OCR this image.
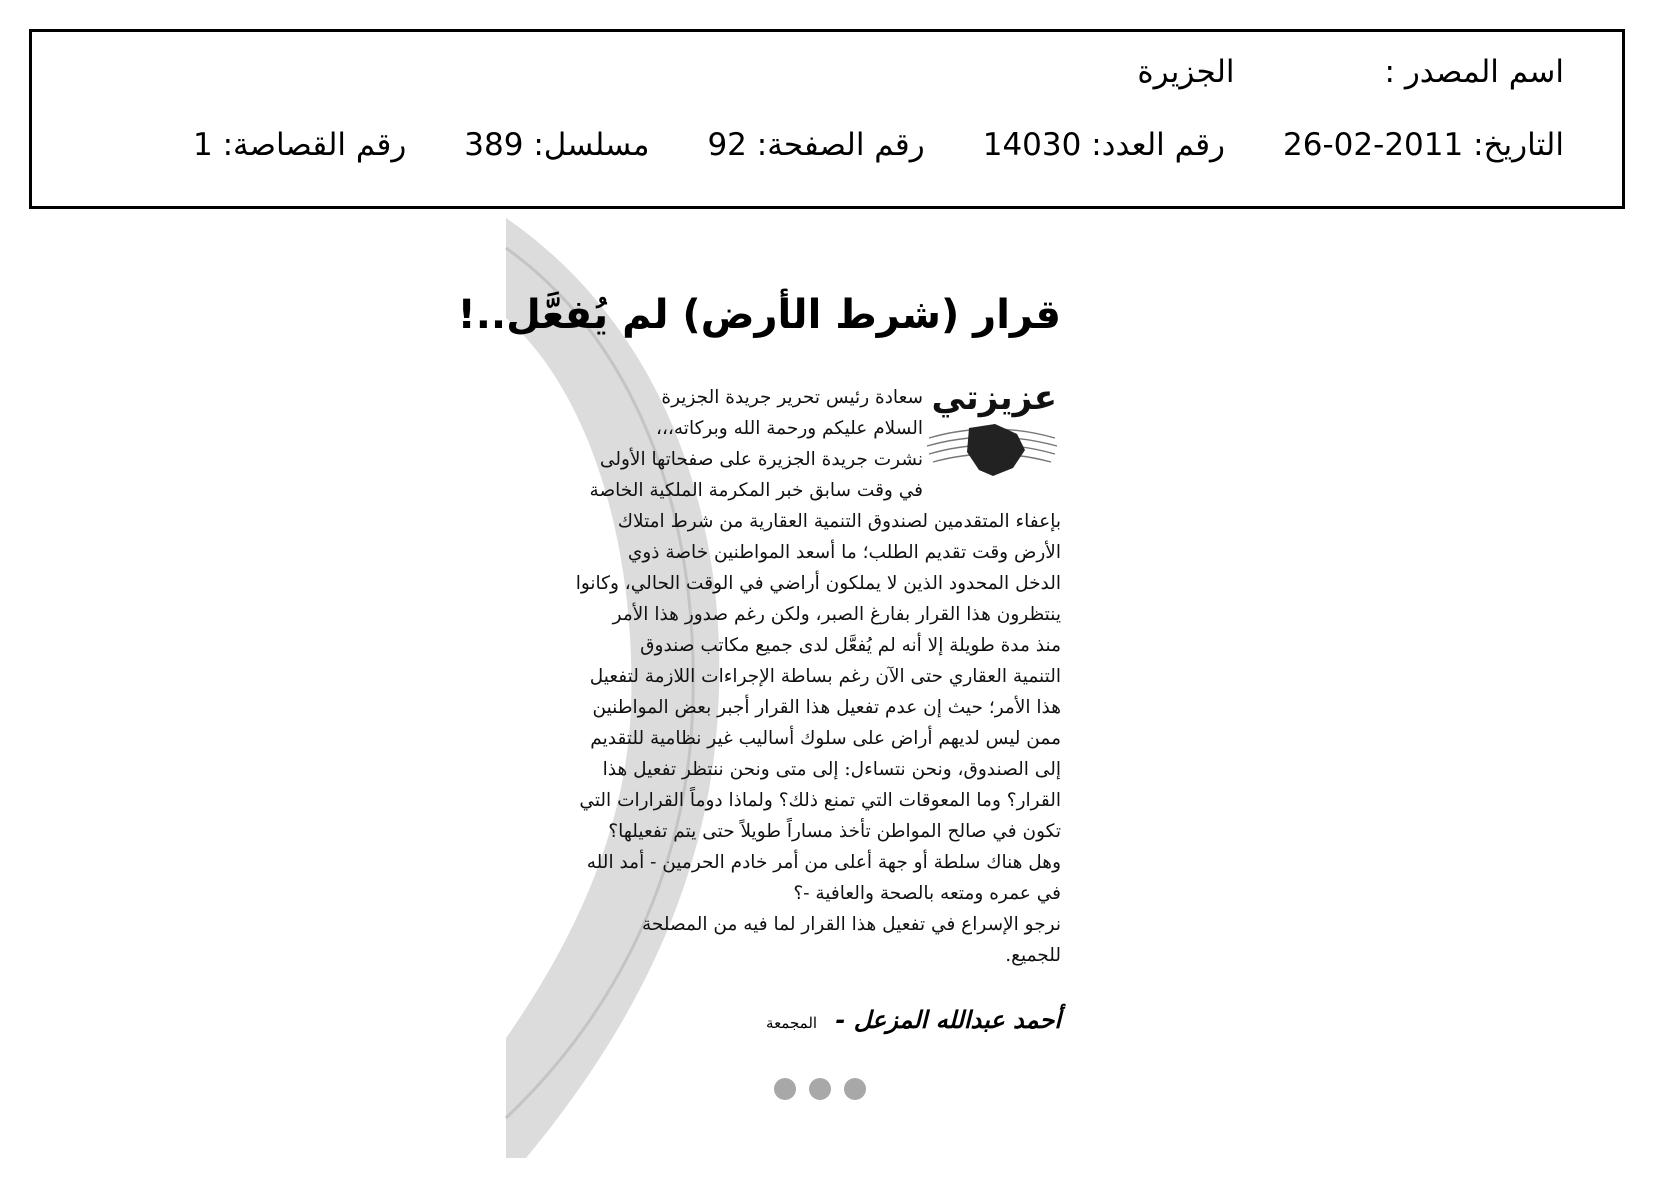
اسم المصدر :الجزيرة
التاريخ: 2011-02-26رقم العدد: 14030رقم الصفحة: 92مسلسل: 389رقم القصاصة: 1
قرار (شرط الأرض) لم يُفعَّل..!
عزيزتي
سعادة رئيس تحرير جريدة الجزيرة
السلام عليكم ورحمة الله وبركاته،،،
نشرت جريدة الجزيرة على صفحاتها الأولى
في وقت سابق خبر المكرمة الملكية الخاصة
بإعفاء المتقدمين لصندوق التنمية العقارية من شرط امتلاك
الأرض وقت تقديم الطلب؛ ما أسعد المواطنين خاصة ذوي
الدخل المحدود الذين لا يملكون أراضي في الوقت الحالي، وكانوا
ينتظرون هذا القرار بفارغ الصبر، ولكن رغم صدور هذا الأمر
منذ مدة طويلة إلا أنه لم يُفعَّل لدى جميع مكاتب صندوق
التنمية العقاري حتى الآن رغم بساطة الإجراءات اللازمة لتفعيل
هذا الأمر؛ حيث إن عدم تفعيل هذا القرار أجبر بعض المواطنين
ممن ليس لديهم أراض على سلوك أساليب غير نظامية للتقديم
إلى الصندوق، ونحن نتساءل: إلى متى ونحن ننتظر تفعيل هذا
القرار؟ وما المعوقات التي تمنع ذلك؟ ولماذا دوماً القرارات التي
تكون في صالح المواطن تأخذ مساراً طويلاً حتى يتم تفعيلها؟
وهل هناك سلطة أو جهة أعلى من أمر خادم الحرمين - أمد الله
في عمره ومتعه بالصحة والعافية -؟
نرجو الإسراع في تفعيل هذا القرار لما فيه من المصلحة
للجميع.
أحمد عبدالله المزعل - المجمعة
